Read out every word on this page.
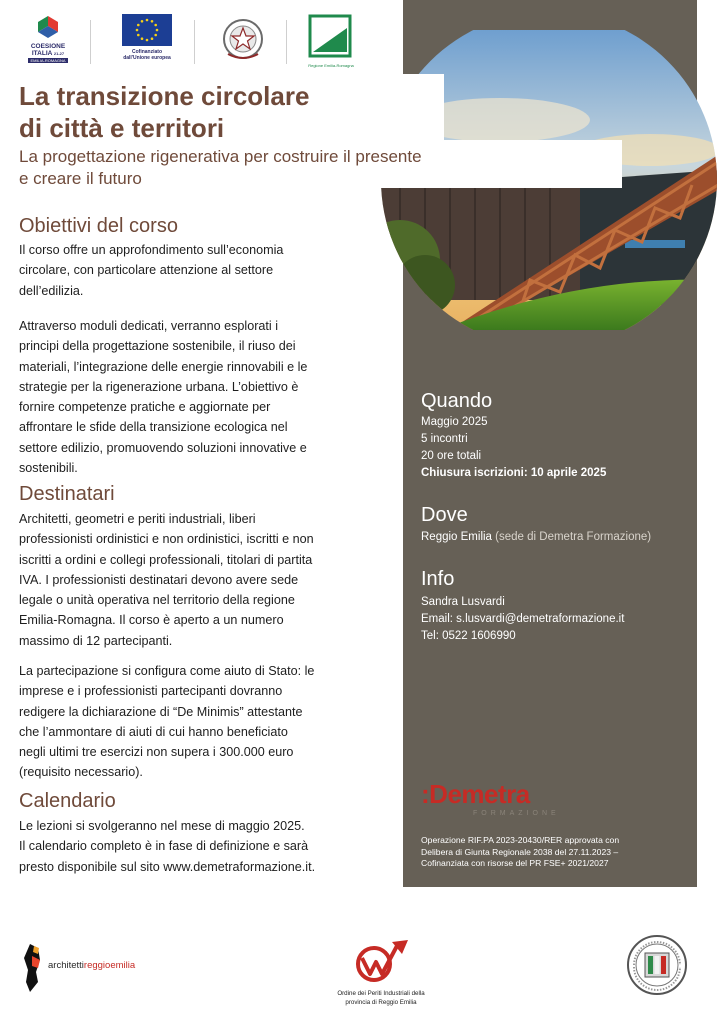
COESIONE
ITALIA 21-27
EMILIA-ROMAGNA
Cofinanziato
dall'Unione europea
Regione Emilia-Romagna
La transizione circolare
di città e territori

La progettazione rigenerativa per costruire il presente
e creare il futuro

Obiettivi del corso

Il corso offre un approfondimento sull’economia
circolare, con particolare attenzione al settore
dell’edilizia.

Attraverso moduli dedicati, verranno esplorati i
principi della progettazione sostenibile, il riuso dei
materiali, l’integrazione delle energie rinnovabili e le
strategie per la rigenerazione urbana. L’obiettivo è
fornire competenze pratiche e aggiornate per
affrontare le sfide della transizione ecologica nel
settore edilizio, promuovendo soluzioni innovative e
sostenibili.

Destinatari

Architetti, geometri e periti industriali, liberi
professionisti ordinistici e non ordinistici, iscritti e non
iscritti a ordini e collegi professionali, titolari di partita
IVA. I professionisti destinatari devono avere sede
legale o unità operativa nel territorio della regione
Emilia-Romagna. Il corso è aperto a un numero
massimo di 12 partecipanti.

La partecipazione si configura come aiuto di Stato: le
imprese e i professionisti partecipanti dovranno
redigere la dichiarazione di “De Minimis” attestante
che l’ammontare di aiuti di cui hanno beneficiato
negli ultimi tre esercizi non supera i 300.000 euro
(requisito necessario).

Calendario

Le lezioni si svolgeranno nel mese di maggio 2025.
Il calendario completo è in fase di definizione e sarà
presto disponibile sul sito www.demetraformazione.it.

Quando
Maggio 2025
5 incontri
20 ore totali
Chiusura iscrizioni: 10 aprile 2025
Dove
Reggio Emilia (sede di Demetra Formazione)
Info
Sandra Lusvardi
Email: s.lusvardi@demetraformazione.it
Tel: 0522 1606990
:Demetra
FORMAZIONE
Operazione RIF.PA 2023-20430/RER approvata con
Delibera di Giunta Regionale 2038 del 27.11.2023 –
Cofinanziata con risorse del PR FSE+ 2021/2027
architettireggioemilia
Ordine dei Periti Industriali della
provincia di Reggio Emilia
